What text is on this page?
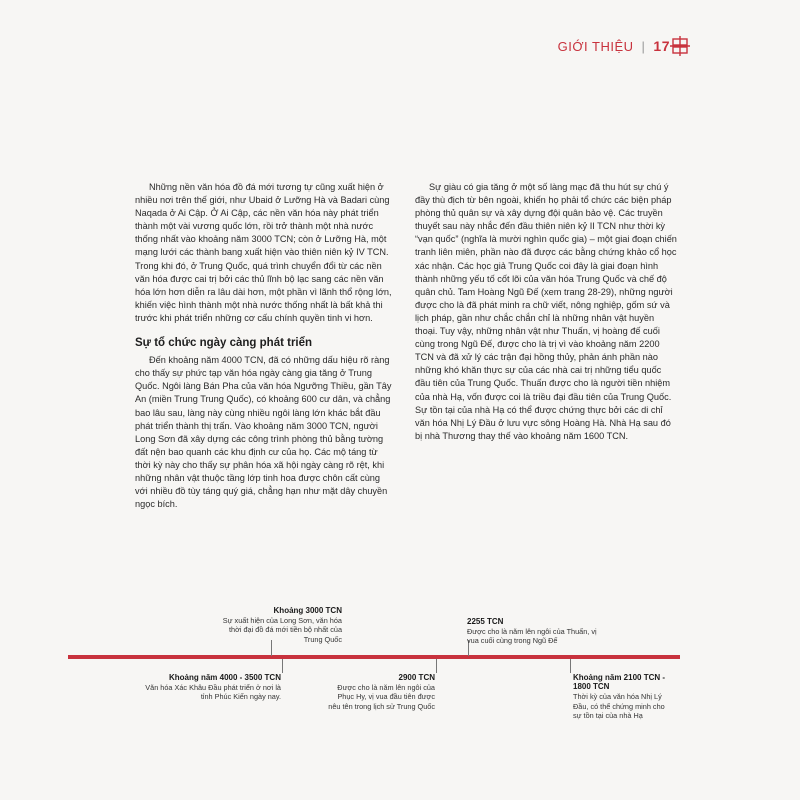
GIỚI THIỆU | 17

Những nền văn hóa đồ đá mới tương tự cũng xuất hiện ở nhiều nơi trên thế giới, như Ubaid ở Lưỡng Hà và Badari cùng Naqada ở Ai Cập. Ở Ai Cập, các nền văn hóa này phát triển thành một vài vương quốc lớn, rồi trở thành một nhà nước thống nhất vào khoảng năm 3000 TCN; còn ở Lưỡng Hà, một mạng lưới các thành bang xuất hiện vào thiên niên kỷ IV TCN. Trong khi đó, ở Trung Quốc, quá trình chuyển đổi từ các nền văn hóa được cai trị bởi các thủ lĩnh bộ lạc sang các nền văn hóa lớn hơn diễn ra lâu dài hơn, một phần vì lãnh thổ rộng lớn, khiến việc hình thành một nhà nước thống nhất là bất khả thi trước khi phát triển những cơ cấu chính quyền tinh vi hơn.

Sự tổ chức ngày càng phát triển

Đến khoảng năm 4000 TCN, đã có những dấu hiệu rõ ràng cho thấy sự phức tạp văn hóa ngày càng gia tăng ở Trung Quốc. Ngôi làng Bán Pha của văn hóa Ngưỡng Thiều, gần Tây An (miền Trung Trung Quốc), có khoảng 600 cư dân, và chẳng bao lâu sau, làng này cùng nhiều ngôi làng lớn khác bắt đầu phát triển thành thị trấn. Vào khoảng năm 3000 TCN, người Long Sơn đã xây dựng các công trình phòng thủ bằng tường đất nện bao quanh các khu định cư của họ. Các mộ táng từ thời kỳ này cho thấy sự phân hóa xã hội ngày càng rõ rệt, khi những nhân vật thuộc tầng lớp tinh hoa được chôn cất cùng với nhiều đồ tùy táng quý giá, chẳng hạn như mặt dây chuyền ngọc bích.

Sự giàu có gia tăng ở một số làng mạc đã thu hút sự chú ý đầy thù địch từ bên ngoài, khiến họ phải tổ chức các biện pháp phòng thủ quân sự và xây dựng đội quân bảo vệ. Các truyền thuyết sau này nhắc đến đầu thiên niên kỷ II TCN như thời kỳ “vạn quốc” (nghĩa là mười nghìn quốc gia) – một giai đoạn chiến tranh liên miên, phần nào đã được các bằng chứng khảo cổ học xác nhận. Các học giả Trung Quốc coi đây là giai đoạn hình thành những yếu tố cốt lõi của văn hóa Trung Quốc và chế độ quân chủ. Tam Hoàng Ngũ Đế (xem trang 28-29), những người được cho là đã phát minh ra chữ viết, nông nghiệp, gốm sứ và lịch pháp, gần như chắc chắn chỉ là những nhân vật huyền thoại. Tuy vậy, những nhân vật như Thuấn, vị hoàng đế cuối cùng trong Ngũ Đế, được cho là trị vì vào khoảng năm 2200 TCN và đã xử lý các trận đại hồng thủy, phản ánh phần nào những khó khăn thực sự của các nhà cai trị những tiểu quốc đầu tiên của Trung Quốc. Thuấn được cho là người tiền nhiệm của nhà Hạ, vốn được coi là triều đại đầu tiên của Trung Quốc. Sự tồn tại của nhà Hạ có thể được chứng thực bởi các di chỉ văn hóa Nhị Lý Đầu ở lưu vực sông Hoàng Hà. Nhà Hạ sau đó bị nhà Thương thay thế vào khoảng năm 1600 TCN.

Khoảng 3000 TCN
Sự xuất hiện của Long Sơn, văn hóa thời đại đồ đá mới tiền bộ nhất của Trung Quốc
2255 TCN
Được cho là năm lên ngôi của Thuấn, vị vua cuối cùng trong Ngũ Đế
Khoảng năm 4000 - 3500 TCN
Văn hóa Xác Khâu Đầu phát triển ở nơi là tỉnh Phúc Kiến ngày nay.
2900 TCN
Được cho là năm lên ngôi của Phục Hy, vị vua đầu tiên được nêu tên trong lịch sử Trung Quốc
Khoảng năm 2100 TCN - 1800 TCN
Thời kỳ của văn hóa Nhị Lý Đầu, có thể chứng minh cho sự tồn tại của nhà Hạ
